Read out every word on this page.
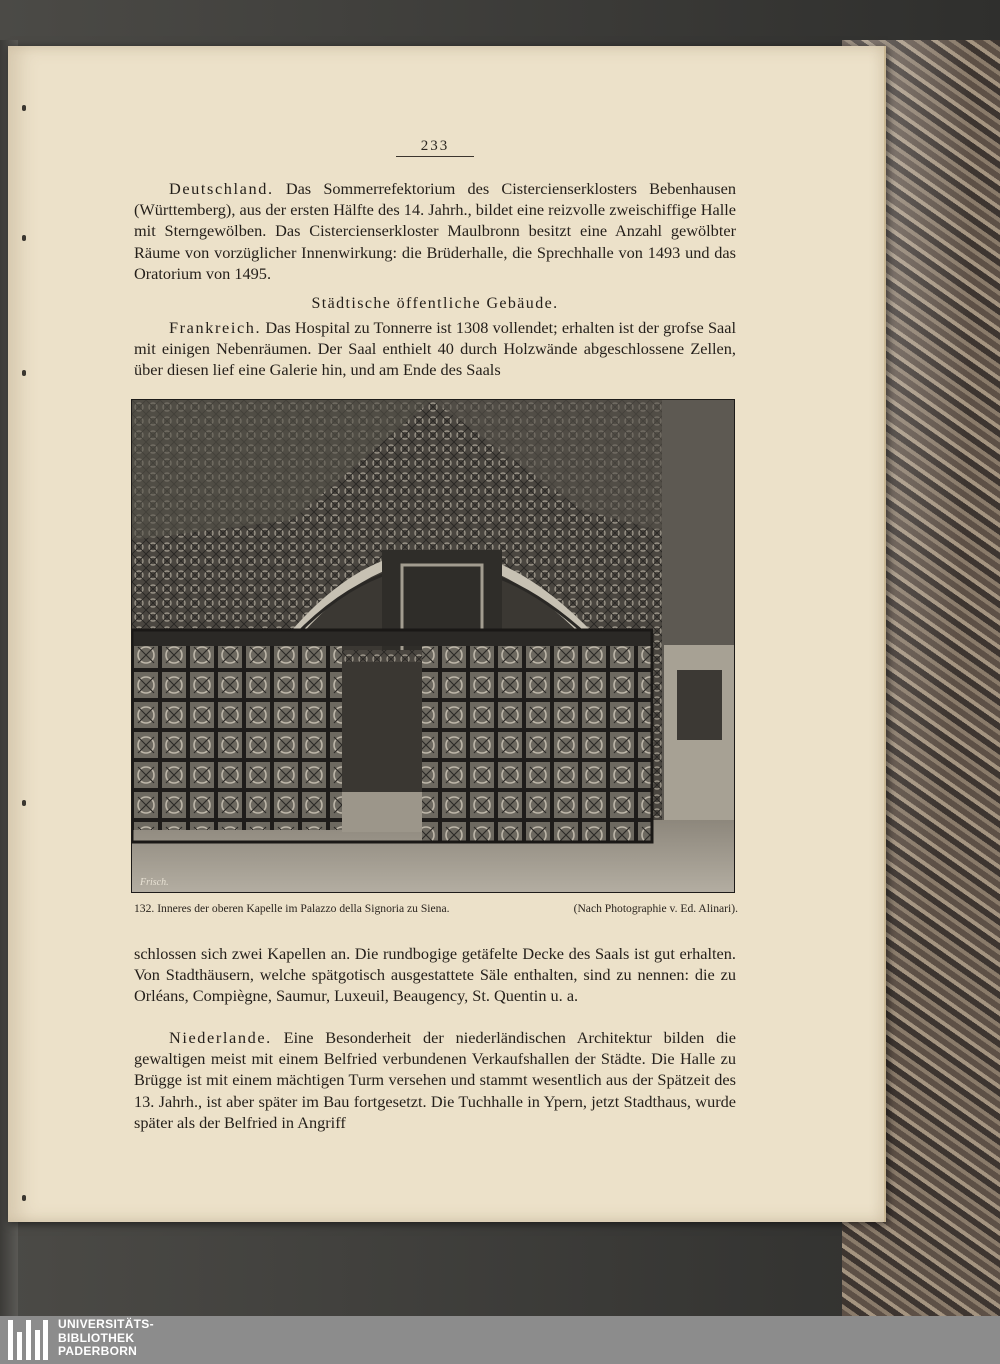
233

Deutschland. Das Sommerrefektorium des Cistercienserklosters Bebenhausen (Württemberg), aus der ersten Hälfte des 14. Jahrh., bildet eine reizvolle zweischiffige Halle mit Sterngewölben. Das Cistercienserkloster Maulbronn besitzt eine Anzahl gewölbter Räume von vorzüglicher Innenwirkung: die Brüderhalle, die Sprechhalle von 1493 und das Oratorium von 1495.

Städtische öffentliche Gebäude.

Frankreich. Das Hospital zu Tonnerre ist 1308 vollendet; erhalten ist der grofse Saal mit einigen Nebenräumen. Der Saal enthielt 40 durch Holzwände abgeschlossene Zellen, über diesen lief eine Galerie hin, und am Ende des Saals

Frisch.
132. Inneres der oberen Kapelle im Palazzo della Signoria zu Siena.	(Nach Photographie v. Ed. Alinari).

schlossen sich zwei Kapellen an. Die rundbogige getäfelte Decke des Saals ist gut erhalten. Von Stadthäusern, welche spätgotisch ausgestattete Säle enthalten, sind zu nennen: die zu Orléans, Compiègne, Saumur, Luxeuil, Beaugency, St. Quentin u. a.

Niederlande. Eine Besonderheit der niederländischen Architektur bilden die gewaltigen meist mit einem Belfried verbundenen Verkaufshallen der Städte. Die Halle zu Brügge ist mit einem mächtigen Turm versehen und stammt wesentlich aus der Spätzeit des 13. Jahrh., ist aber später im Bau fortgesetzt. Die Tuchhalle in Ypern, jetzt Stadthaus, wurde später als der Belfried in Angriff

UNIVERSITÄTS-
BIBLIOTHEK
PADERBORN
